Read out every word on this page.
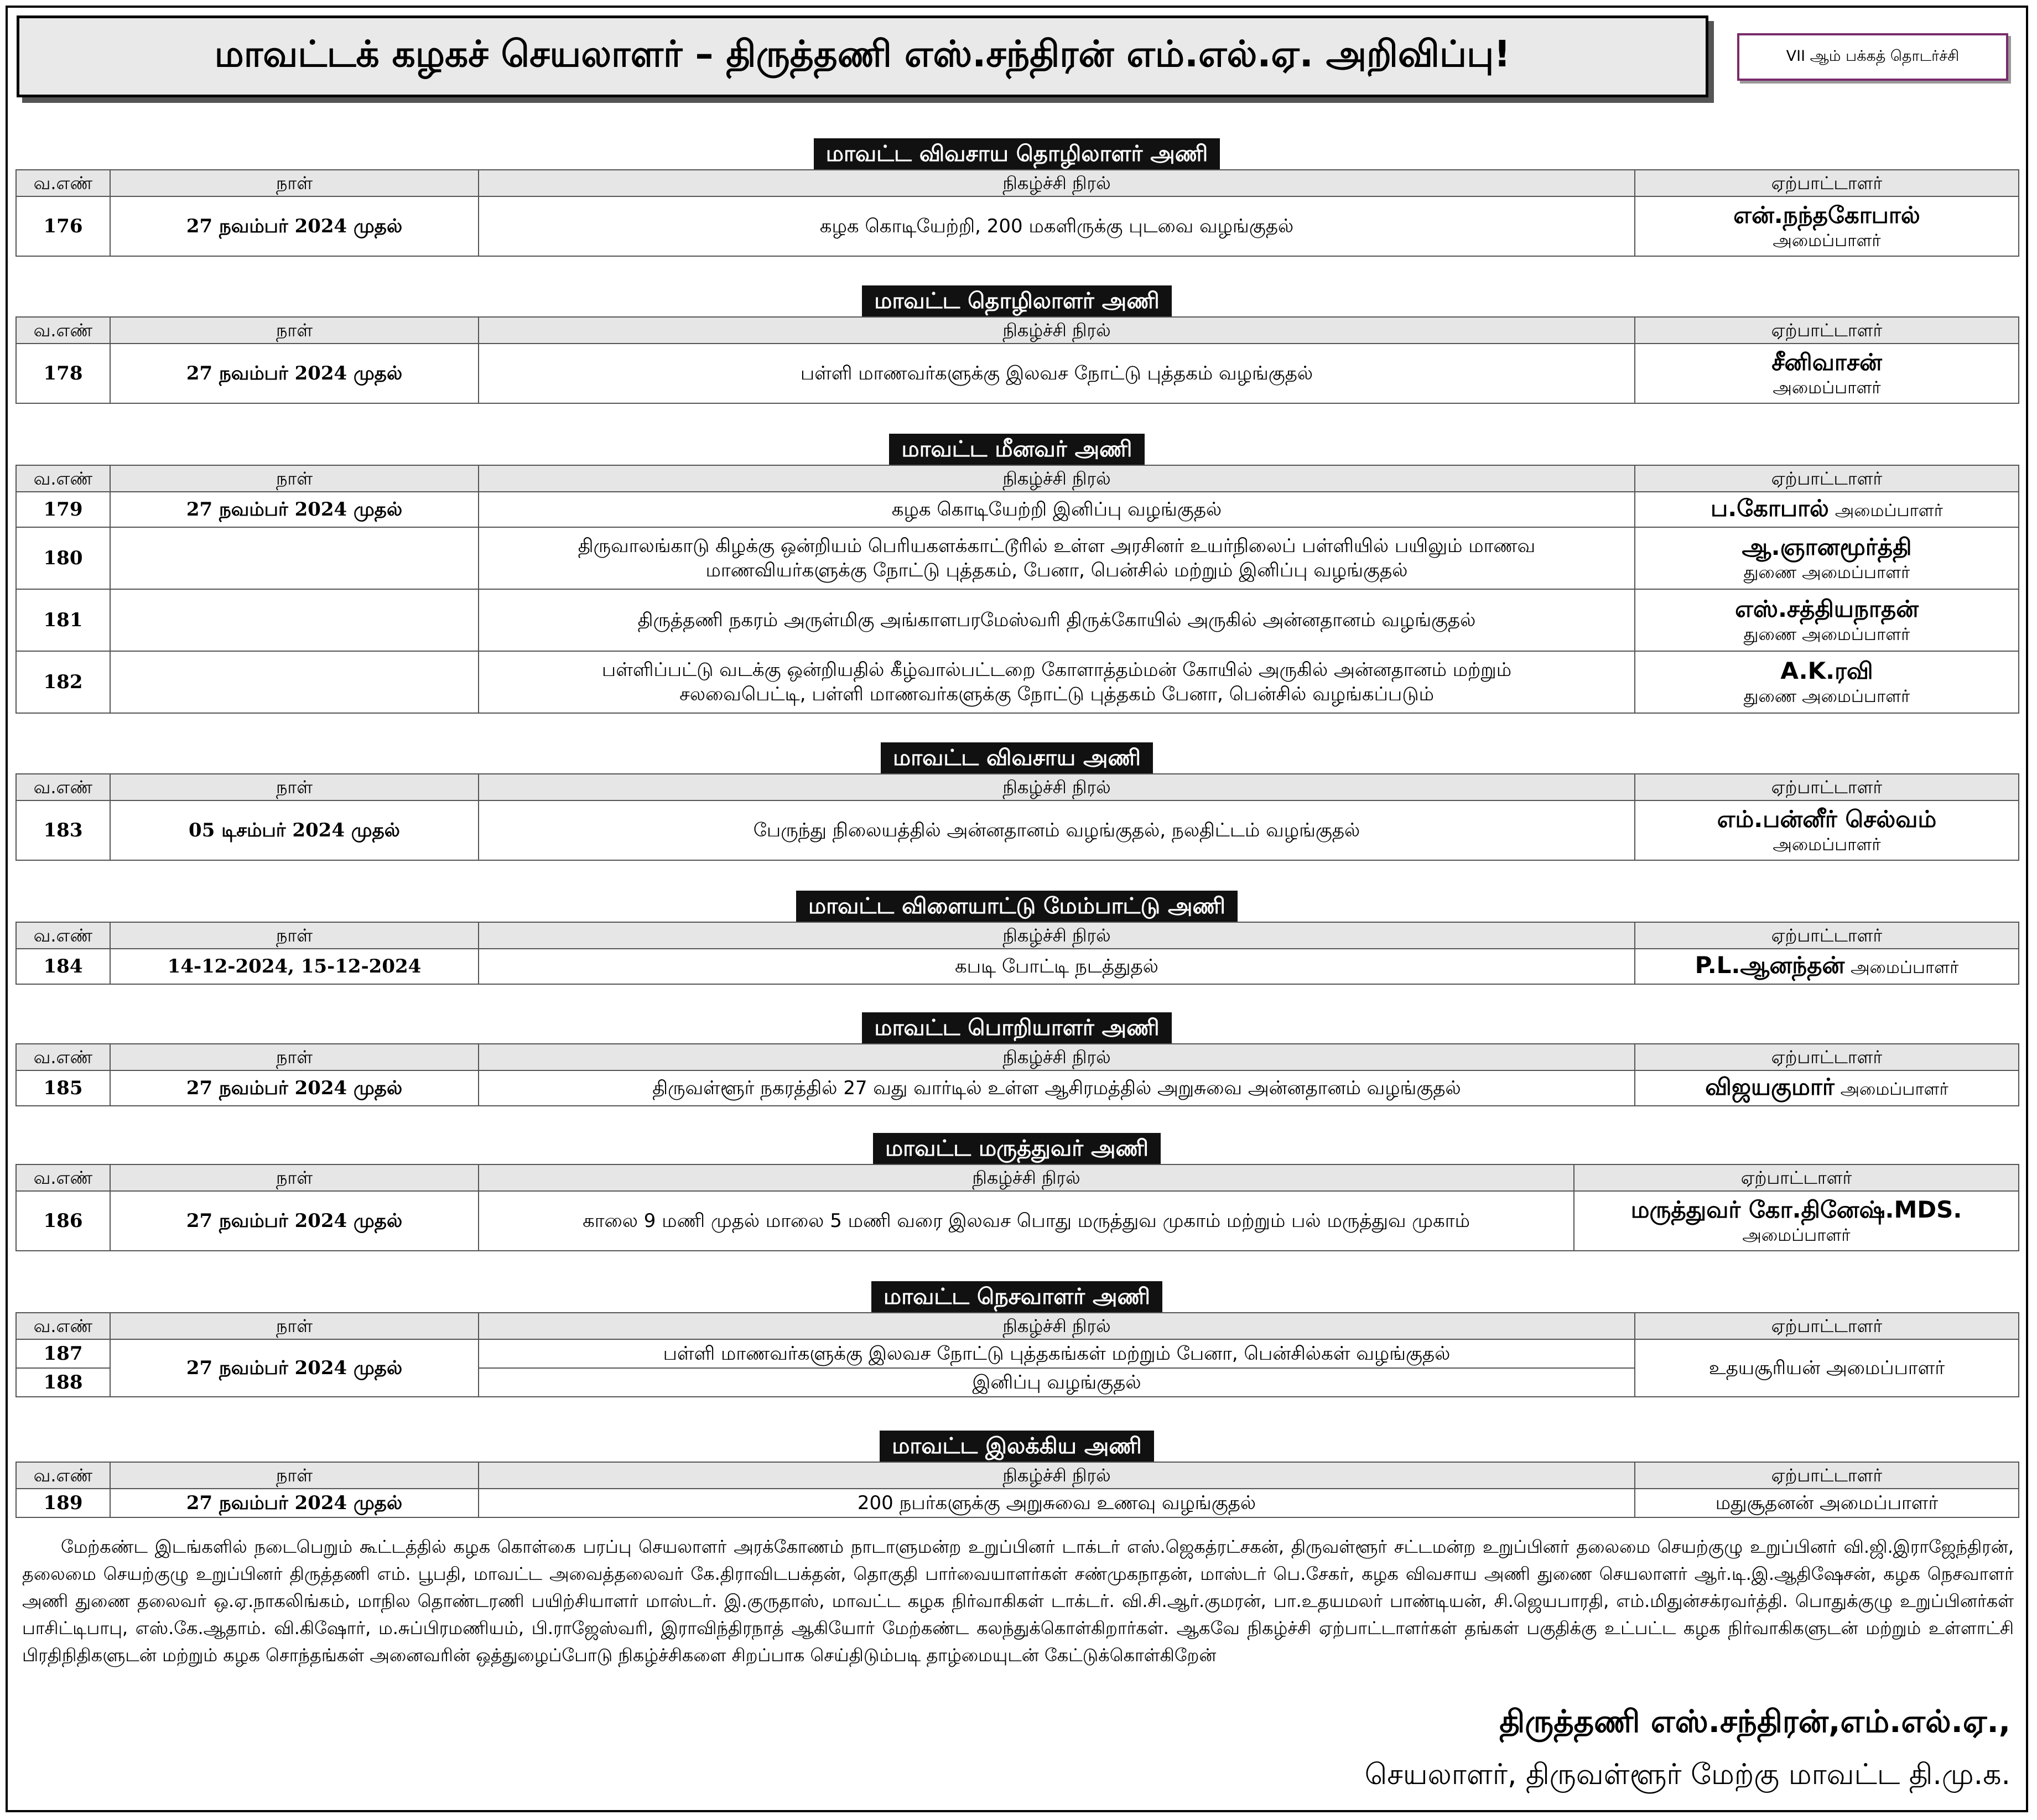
மாவட்டக் கழகச் செயலாளர் – திருத்தணி எஸ்.சந்திரன் எம்.எல்.ஏ. அறிவிப்பு!	VII ஆம் பக்கத் தொடர்ச்சி
மாவட்ட விவசாய தொழிலாளர் அணி
வ.எண்	நாள்	நிகழ்ச்சி நிரல்	ஏற்பாட்டாளர்
176	27 நவம்பர் 2024 முதல்	கழக கொடியேற்றி, 200 மகளிருக்கு புடவை வழங்குதல்	என்.நந்தகோபால்
அமைப்பாளர்
மாவட்ட தொழிலாளர் அணி
வ.எண்	நாள்	நிகழ்ச்சி நிரல்	ஏற்பாட்டாளர்
178	27 நவம்பர் 2024 முதல்	பள்ளி மாணவர்களுக்கு இலவச நோட்டு புத்தகம் வழங்குதல்	சீனிவாசன்
அமைப்பாளர்
மாவட்ட மீனவர் அணி
வ.எண்	நாள்	நிகழ்ச்சி நிரல்	ஏற்பாட்டாளர்
179	27 நவம்பர் 2024 முதல்	கழக கொடியேற்றி இனிப்பு வழங்குதல்	ப.கோபால் அமைப்பாளர்
180		திருவாலங்காடு கிழக்கு ஒன்றியம் பெரியகளக்காட்டூரில் உள்ள அரசினர் உயர்நிலைப் பள்ளியில் பயிலும் மாணவ
மாணவியர்களுக்கு நோட்டு புத்தகம், பேனா, பென்சில் மற்றும் இனிப்பு வழங்குதல்	ஆ.ஞானமூர்த்தி
துணை அமைப்பாளர்

181		திருத்தணி நகரம் அருள்மிகு அங்காளபரமேஸ்வரி திருக்கோயில் அருகில் அன்னதானம் வழங்குதல்	எஸ்.சத்தியநாதன்
துணை அமைப்பாளர்

182		பள்ளிப்பட்டு வடக்கு ஒன்றியதில் கீழ்வால்பட்டறை கோளாத்தம்மன் கோயில் அருகில் அன்னதானம் மற்றும்
சலவைபெட்டி, பள்ளி மாணவர்களுக்கு நோட்டு புத்தகம் பேனா, பென்சில் வழங்கப்படும்	A.K.ரவி
துணை அமைப்பாளர்
மாவட்ட விவசாய அணி
வ.எண்	நாள்	நிகழ்ச்சி நிரல்	ஏற்பாட்டாளர்
183	05 டிசம்பர் 2024 முதல்	பேருந்து நிலையத்தில் அன்னதானம் வழங்குதல், நலதிட்டம் வழங்குதல்	எம்.பன்னீர் செல்வம்
அமைப்பாளர்
மாவட்ட விளையாட்டு மேம்பாட்டு அணி
வ.எண்	நாள்	நிகழ்ச்சி நிரல்	ஏற்பாட்டாளர்
184	14-12-2024, 15-12-2024	கபடி போட்டி நடத்துதல்	P.L.ஆனந்தன் அமைப்பாளர்
மாவட்ட பொறியாளர் அணி
வ.எண்	நாள்	நிகழ்ச்சி நிரல்	ஏற்பாட்டாளர்
185	27 நவம்பர் 2024 முதல்	திருவள்ளூர் நகரத்தில் 27 வது வார்டில் உள்ள ஆசிரமத்தில் அறுசுவை அன்னதானம் வழங்குதல்	விஜயகுமார் அமைப்பாளர்
மாவட்ட மருத்துவர் அணி
வ.எண்	நாள்	நிகழ்ச்சி நிரல்	ஏற்பாட்டாளர்
186	27 நவம்பர் 2024 முதல்	காலை 9 மணி முதல் மாலை 5 மணி வரை இலவச பொது மருத்துவ முகாம் மற்றும் பல் மருத்துவ முகாம்	மருத்துவர் கோ.தினேஷ்.MDS.
அமைப்பாளர்
மாவட்ட நெசவாளர் அணி
வ.எண்	நாள்	நிகழ்ச்சி நிரல்	ஏற்பாட்டாளர்
187	27 நவம்பர் 2024 முதல்	பள்ளி மாணவர்களுக்கு இலவச நோட்டு புத்தகங்கள் மற்றும் பேனா, பென்சில்கள் வழங்குதல்	உதயசூரியன் அமைப்பாளர்
188		இனிப்பு வழங்குதல்	
மாவட்ட இலக்கிய அணி
வ.எண்	நாள்	நிகழ்ச்சி நிரல்	ஏற்பாட்டாளர்
189	27 நவம்பர் 2024 முதல்	200 நபர்களுக்கு அறுசுவை உணவு வழங்குதல்	மதுசூதனன் அமைப்பாளர்
மேற்கண்ட இடங்களில் நடைபெறும் கூட்டத்தில் கழக கொள்கை பரப்பு செயலாளர் அரக்கோணம் நாடாளுமன்ற உறுப்பினர் டாக்டர் எஸ்.ஜெகத்ரட்சகன், திருவள்ளூர் சட்டமன்ற உறுப்பினர் தலைமை செயற்குழு உறுப்பினர் வி.ஜி.இராஜேந்திரன், தலைமை செயற்குழு உறுப்பினர் திருத்தணி எம். பூபதி, மாவட்ட அவைத்தலைவர் கே.திராவிடபக்தன், தொகுதி பார்வையாளர்கள் சண்முகநாதன், மாஸ்டர் பெ.சேகர், கழக விவசாய அணி துணை செயலாளர் ஆர்.டி.இ.ஆதிஷேசன், கழக நெசவாளர் அணி துணை தலைவர் ஒ.ஏ.நாகலிங்கம், மாநில தொண்டரணி பயிற்சியாளர் மாஸ்டர். இ.குருதாஸ், மாவட்ட கழக நிர்வாகிகள் டாக்டர். வி.சி.ஆர்.குமரன், பா.உதயமலர் பாண்டியன், சி.ஜெயபாரதி, எம்.மிதுன்சக்ரவர்த்தி. பொதுக்குழு உறுப்பினர்கள் பாசிட்டிபாபு, எஸ்.கே.ஆதாம். வி.கிஷோர், ம.சுப்பிரமணியம், பி.ராஜேஸ்வரி, இராவிந்திரநாத் ஆகியோர் மேற்கண்ட கலந்துக்கொள்கிறார்கள். ஆகவே நிகழ்ச்சி ஏற்பாட்டாளர்கள் தங்கள் பகுதிக்கு உட்பட்ட கழக நிர்வாகிகளுடன் மற்றும் உள்ளாட்சி பிரதிநிதிகளுடன் மற்றும் கழக சொந்தங்கள் அனைவரின் ஒத்துழைப்போடு நிகழ்ச்சிகளை சிறப்பாக செய்திடும்படி தாழ்மையுடன் கேட்டுக்கொள்கிறேன்
திருத்தணி எஸ்.சந்திரன்,எம்.எல்.ஏ.,
செயலாளர், திருவள்ளூர் மேற்கு மாவட்ட தி.மு.க.
